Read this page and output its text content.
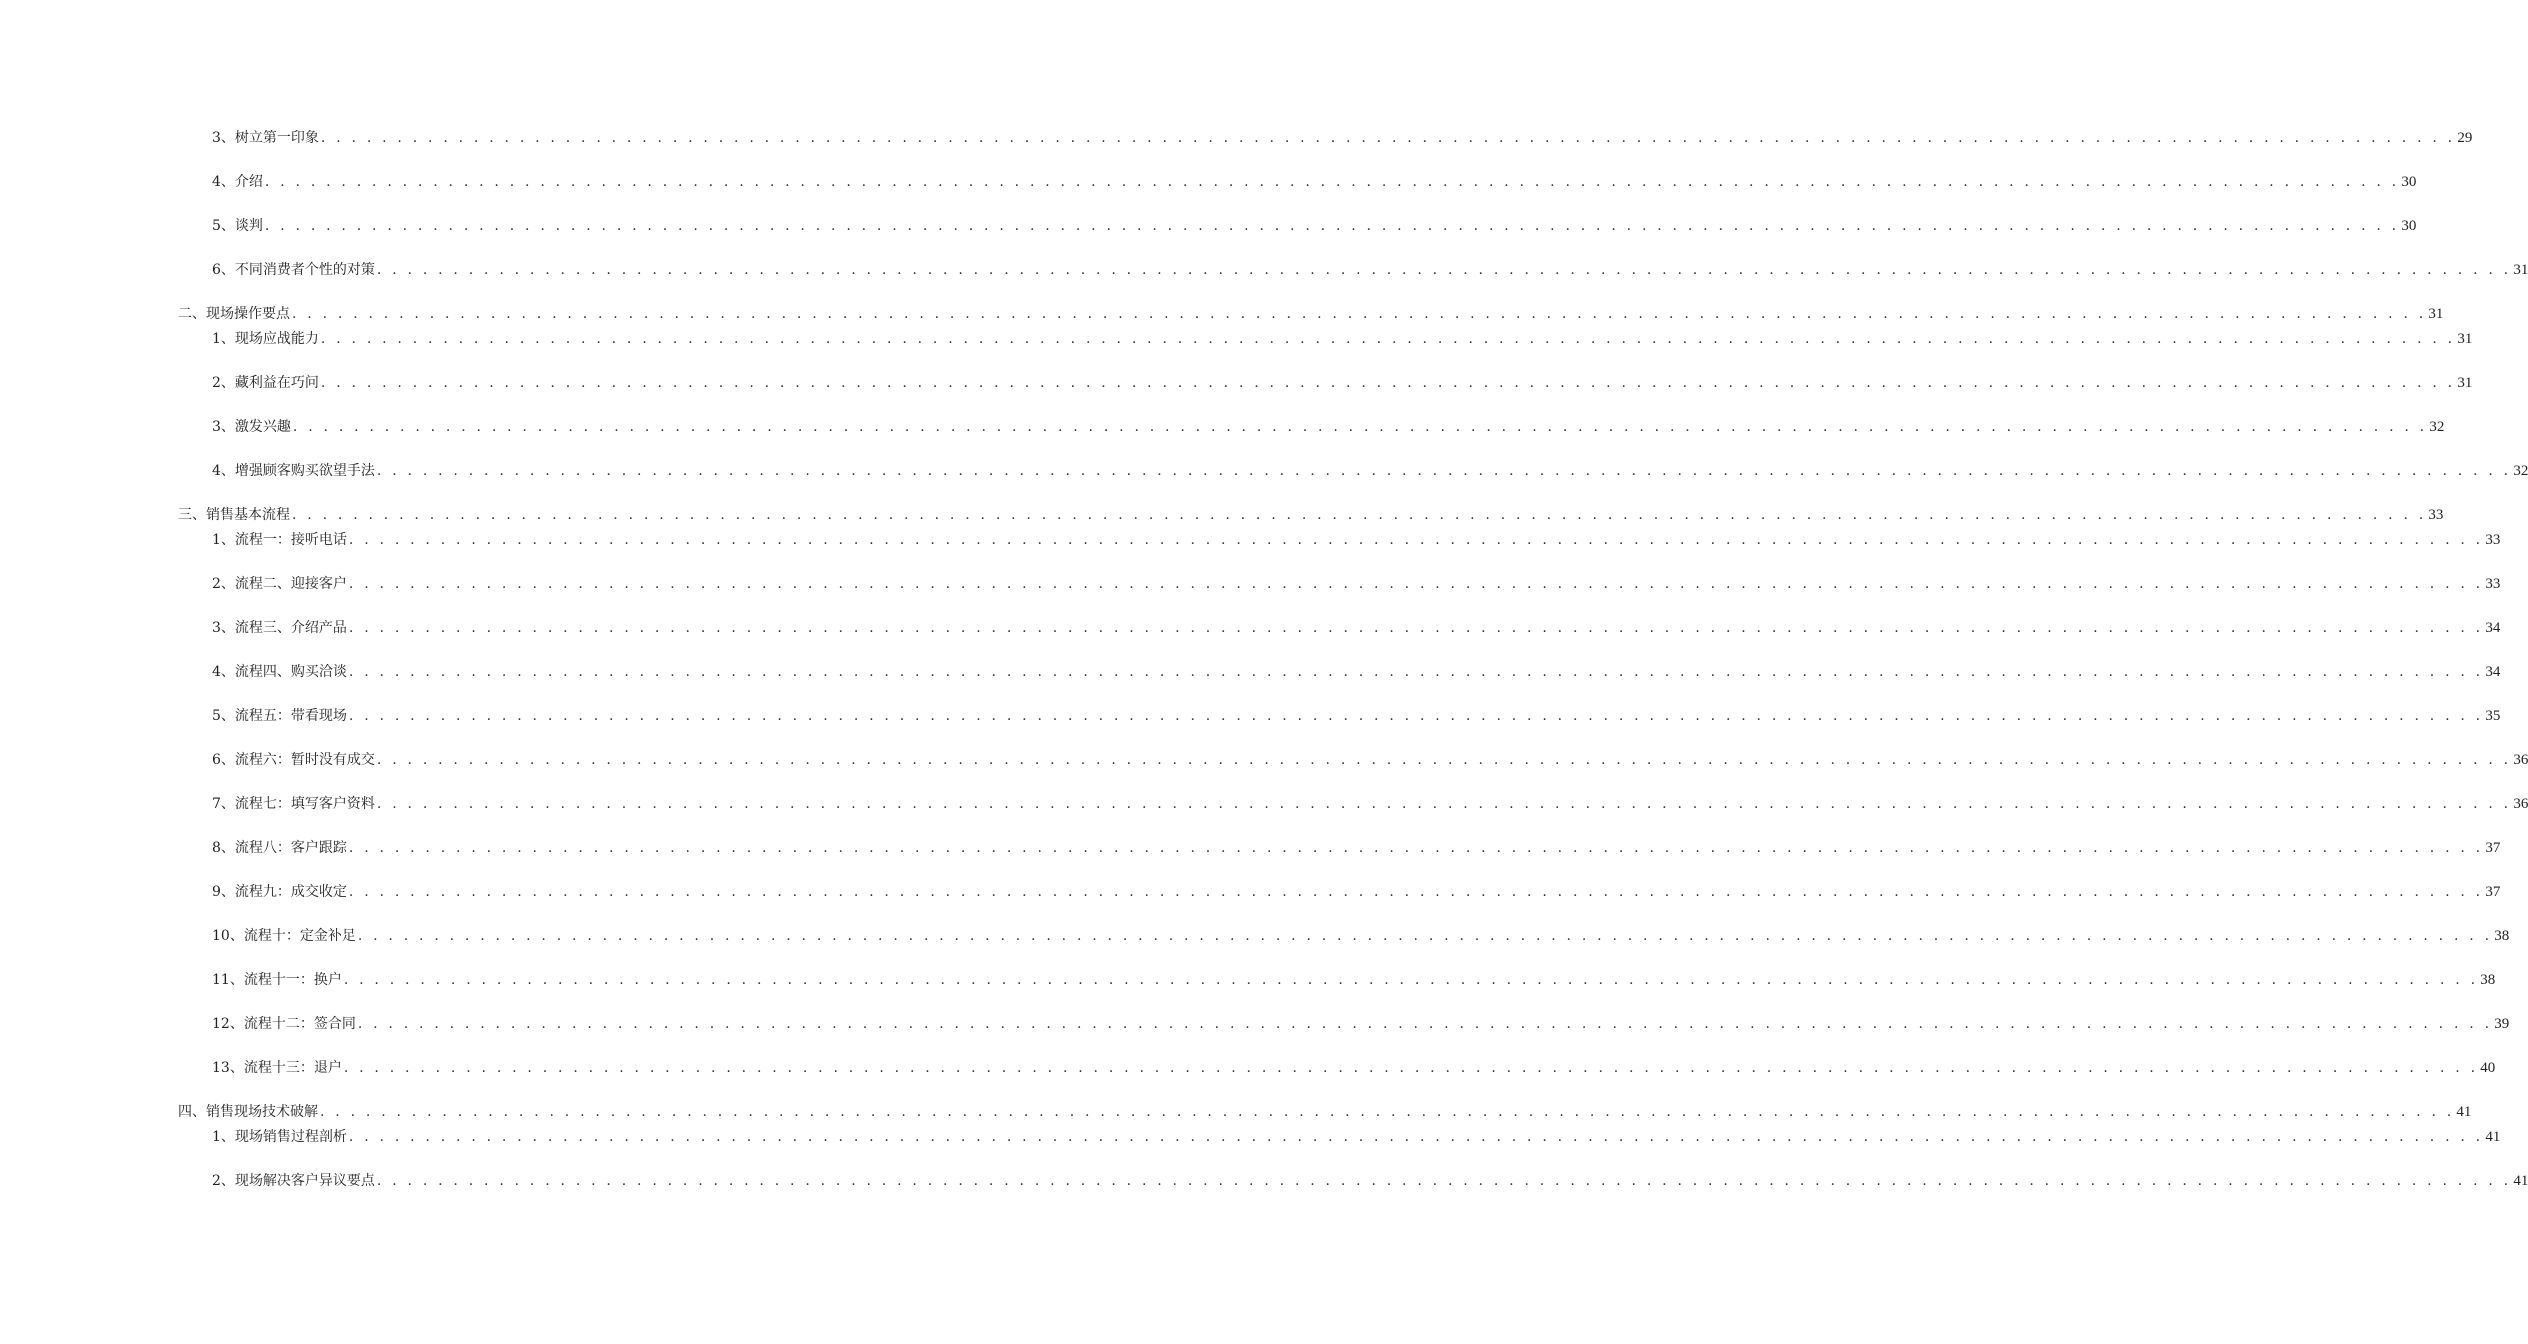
3、树立第一印象 . . . . . . . . . . . . . . . . . . . . . . . . . . . . . . . . . . . . . . . . . . . . . . . . . . . . . . . . . . . . . . . . . . . . . . . . . . . . . . . . . . . . . . . . . . . . . . . . . . . . . . . . . . . . . . . . . . . . . . . . . . . . . . . . . . . . . . . . . . . . 29
4、介绍 . . . . . . . . . . . . . . . . . . . . . . . . . . . . . . . . . . . . . . . . . . . . . . . . . . . . . . . . . . . . . . . . . . . . . . . . . . . . . . . . . . . . . . . . . . . . . . . . . . . . . . . . . . . . . . . . . . . . . . . . . . . . . . . . . . . . . . . . . . . . 30
5、谈判 . . . . . . . . . . . . . . . . . . . . . . . . . . . . . . . . . . . . . . . . . . . . . . . . . . . . . . . . . . . . . . . . . . . . . . . . . . . . . . . . . . . . . . . . . . . . . . . . . . . . . . . . . . . . . . . . . . . . . . . . . . . . . . . . . . . . . . . . . . . . 30
6、不同消费者个性的对策 . . . . . . . . . . . . . . . . . . . . . . . . . . . . . . . . . . . . . . . . . . . . . . . . . . . . . . . . . . . . . . . . . . . . . . . . . . . . . . . . . . . . . . . . . . . . . . . . . . . . . . . . . . . . . . . . . . . . . . . . . . . . . . . . . . . . . . . . . . . . 31
二、现场操作要点 . . . . . . . . . . . . . . . . . . . . . . . . . . . . . . . . . . . . . . . . . . . . . . . . . . . . . . . . . . . . . . . . . . . . . . . . . . . . . . . . . . . . . . . . . . . . . . . . . . . . . . . . . . . . . . . . . . . . . . . . . . . . . . . . . . . . . . . . . . . . 31
1、现场应战能力 . . . . . . . . . . . . . . . . . . . . . . . . . . . . . . . . . . . . . . . . . . . . . . . . . . . . . . . . . . . . . . . . . . . . . . . . . . . . . . . . . . . . . . . . . . . . . . . . . . . . . . . . . . . . . . . . . . . . . . . . . . . . . . . . . . . . . . . . . . . . 31
2、藏利益在巧问 . . . . . . . . . . . . . . . . . . . . . . . . . . . . . . . . . . . . . . . . . . . . . . . . . . . . . . . . . . . . . . . . . . . . . . . . . . . . . . . . . . . . . . . . . . . . . . . . . . . . . . . . . . . . . . . . . . . . . . . . . . . . . . . . . . . . . . . . . . . . 31
3、激发兴趣 . . . . . . . . . . . . . . . . . . . . . . . . . . . . . . . . . . . . . . . . . . . . . . . . . . . . . . . . . . . . . . . . . . . . . . . . . . . . . . . . . . . . . . . . . . . . . . . . . . . . . . . . . . . . . . . . . . . . . . . . . . . . . . . . . . . . . . . . . . . . 32
4、增强顾客购买欲望手法 . . . . . . . . . . . . . . . . . . . . . . . . . . . . . . . . . . . . . . . . . . . . . . . . . . . . . . . . . . . . . . . . . . . . . . . . . . . . . . . . . . . . . . . . . . . . . . . . . . . . . . . . . . . . . . . . . . . . . . . . . . . . . . . . . . . . . . . . . . . . 32
三、销售基本流程 . . . . . . . . . . . . . . . . . . . . . . . . . . . . . . . . . . . . . . . . . . . . . . . . . . . . . . . . . . . . . . . . . . . . . . . . . . . . . . . . . . . . . . . . . . . . . . . . . . . . . . . . . . . . . . . . . . . . . . . . . . . . . . . . . . . . . . . . . . . . 33
1、流程一：接听电话 . . . . . . . . . . . . . . . . . . . . . . . . . . . . . . . . . . . . . . . . . . . . . . . . . . . . . . . . . . . . . . . . . . . . . . . . . . . . . . . . . . . . . . . . . . . . . . . . . . . . . . . . . . . . . . . . . . . . . . . . . . . . . . . . . . . . . . . . . . . . 33
2、流程二、迎接客户 . . . . . . . . . . . . . . . . . . . . . . . . . . . . . . . . . . . . . . . . . . . . . . . . . . . . . . . . . . . . . . . . . . . . . . . . . . . . . . . . . . . . . . . . . . . . . . . . . . . . . . . . . . . . . . . . . . . . . . . . . . . . . . . . . . . . . . . . . . . . 33
3、流程三、介绍产品 . . . . . . . . . . . . . . . . . . . . . . . . . . . . . . . . . . . . . . . . . . . . . . . . . . . . . . . . . . . . . . . . . . . . . . . . . . . . . . . . . . . . . . . . . . . . . . . . . . . . . . . . . . . . . . . . . . . . . . . . . . . . . . . . . . . . . . . . . . . . 34
4、流程四、购买洽谈 . . . . . . . . . . . . . . . . . . . . . . . . . . . . . . . . . . . . . . . . . . . . . . . . . . . . . . . . . . . . . . . . . . . . . . . . . . . . . . . . . . . . . . . . . . . . . . . . . . . . . . . . . . . . . . . . . . . . . . . . . . . . . . . . . . . . . . . . . . . . 34
5、流程五：带看现场 . . . . . . . . . . . . . . . . . . . . . . . . . . . . . . . . . . . . . . . . . . . . . . . . . . . . . . . . . . . . . . . . . . . . . . . . . . . . . . . . . . . . . . . . . . . . . . . . . . . . . . . . . . . . . . . . . . . . . . . . . . . . . . . . . . . . . . . . . . . . 35
6、流程六：暂时没有成交 . . . . . . . . . . . . . . . . . . . . . . . . . . . . . . . . . . . . . . . . . . . . . . . . . . . . . . . . . . . . . . . . . . . . . . . . . . . . . . . . . . . . . . . . . . . . . . . . . . . . . . . . . . . . . . . . . . . . . . . . . . . . . . . . . . . . . . . . . . . . 36
7、流程七：填写客户资料 . . . . . . . . . . . . . . . . . . . . . . . . . . . . . . . . . . . . . . . . . . . . . . . . . . . . . . . . . . . . . . . . . . . . . . . . . . . . . . . . . . . . . . . . . . . . . . . . . . . . . . . . . . . . . . . . . . . . . . . . . . . . . . . . . . . . . . . . . . . . 36
8、流程八：客户跟踪 . . . . . . . . . . . . . . . . . . . . . . . . . . . . . . . . . . . . . . . . . . . . . . . . . . . . . . . . . . . . . . . . . . . . . . . . . . . . . . . . . . . . . . . . . . . . . . . . . . . . . . . . . . . . . . . . . . . . . . . . . . . . . . . . . . . . . . . . . . . . 37
9、流程九：成交收定 . . . . . . . . . . . . . . . . . . . . . . . . . . . . . . . . . . . . . . . . . . . . . . . . . . . . . . . . . . . . . . . . . . . . . . . . . . . . . . . . . . . . . . . . . . . . . . . . . . . . . . . . . . . . . . . . . . . . . . . . . . . . . . . . . . . . . . . . . . . . 37
10、流程十：定金补足 . . . . . . . . . . . . . . . . . . . . . . . . . . . . . . . . . . . . . . . . . . . . . . . . . . . . . . . . . . . . . . . . . . . . . . . . . . . . . . . . . . . . . . . . . . . . . . . . . . . . . . . . . . . . . . . . . . . . . . . . . . . . . . . . . . . . . . . . . . . . 38
11、流程十一：换户 . . . . . . . . . . . . . . . . . . . . . . . . . . . . . . . . . . . . . . . . . . . . . . . . . . . . . . . . . . . . . . . . . . . . . . . . . . . . . . . . . . . . . . . . . . . . . . . . . . . . . . . . . . . . . . . . . . . . . . . . . . . . . . . . . . . . . . . . . . . . 38
12、流程十二：签合同 . . . . . . . . . . . . . . . . . . . . . . . . . . . . . . . . . . . . . . . . . . . . . . . . . . . . . . . . . . . . . . . . . . . . . . . . . . . . . . . . . . . . . . . . . . . . . . . . . . . . . . . . . . . . . . . . . . . . . . . . . . . . . . . . . . . . . . . . . . . . 39
13、流程十三：退户 . . . . . . . . . . . . . . . . . . . . . . . . . . . . . . . . . . . . . . . . . . . . . . . . . . . . . . . . . . . . . . . . . . . . . . . . . . . . . . . . . . . . . . . . . . . . . . . . . . . . . . . . . . . . . . . . . . . . . . . . . . . . . . . . . . . . . . . . . . . . 40
四、销售现场技术破解 . . . . . . . . . . . . . . . . . . . . . . . . . . . . . . . . . . . . . . . . . . . . . . . . . . . . . . . . . . . . . . . . . . . . . . . . . . . . . . . . . . . . . . . . . . . . . . . . . . . . . . . . . . . . . . . . . . . . . . . . . . . . . . . . . . . . . . . . . . . . 41
1、现场销售过程剖析 . . . . . . . . . . . . . . . . . . . . . . . . . . . . . . . . . . . . . . . . . . . . . . . . . . . . . . . . . . . . . . . . . . . . . . . . . . . . . . . . . . . . . . . . . . . . . . . . . . . . . . . . . . . . . . . . . . . . . . . . . . . . . . . . . . . . . . . . . . . . 41
2、现场解决客户异议要点 . . . . . . . . . . . . . . . . . . . . . . . . . . . . . . . . . . . . . . . . . . . . . . . . . . . . . . . . . . . . . . . . . . . . . . . . . . . . . . . . . . . . . . . . . . . . . . . . . . . . . . . . . . . . . . . . . . . . . . . . . . . . . . . . . . . . . . . . . . . . 41
